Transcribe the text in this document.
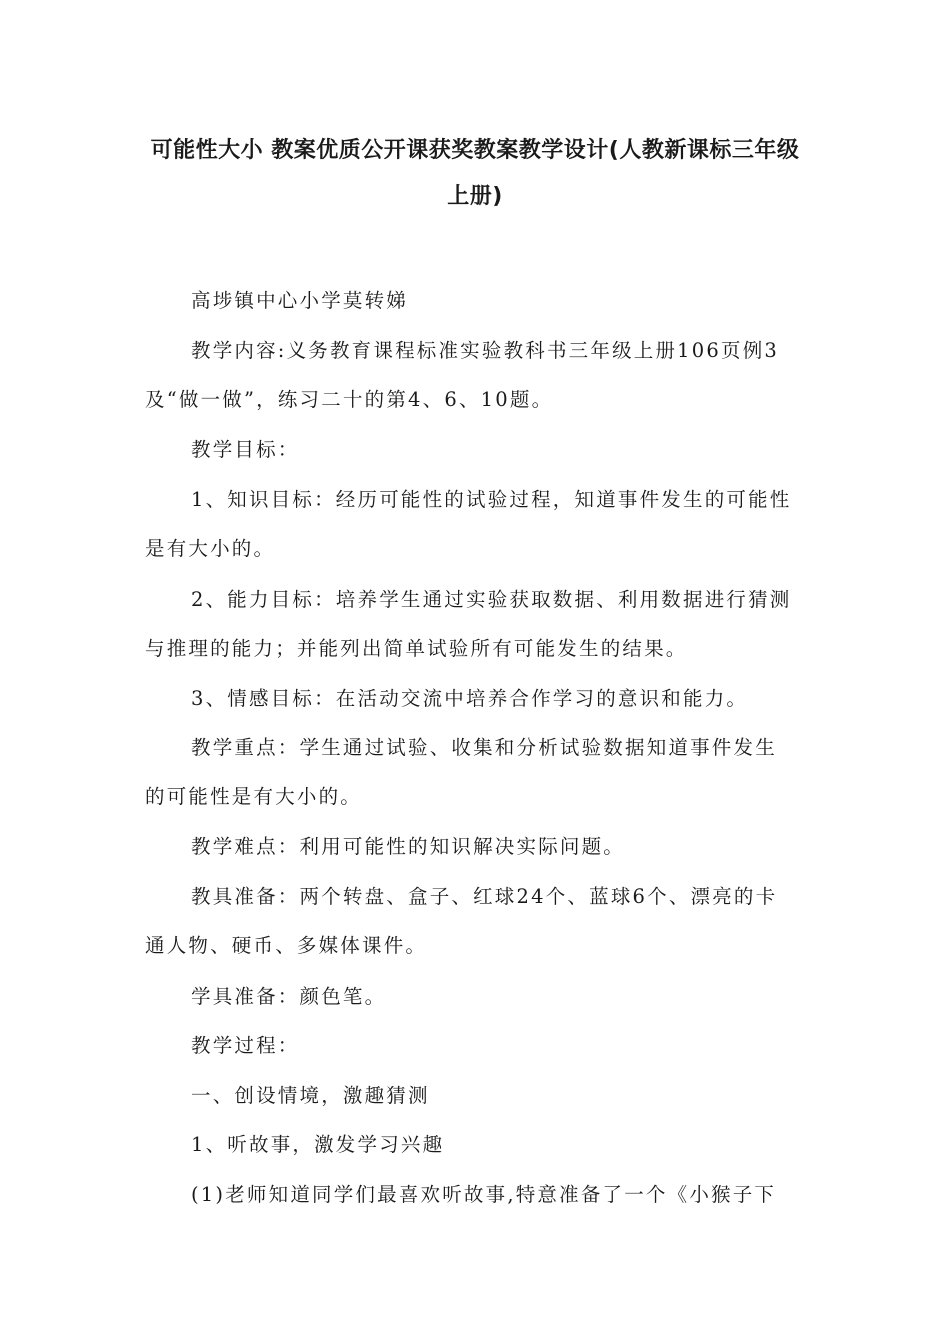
可能性大小 教案优质公开课获奖教案教学设计(人教新课标三年级
上册)
高埗镇中心小学莫转娣
教学内容:义务教育课程标准实验教科书三年级上册106页例3
及“做一做”，练习二十的第4、6、10题。
教学目标：
1、知识目标：经历可能性的试验过程，知道事件发生的可能性
是有大小的。
2、能力目标：培养学生通过实验获取数据、利用数据进行猜测
与推理的能力；并能列出简单试验所有可能发生的结果。
3、情感目标：在活动交流中培养合作学习的意识和能力。
教学重点：学生通过试验、收集和分析试验数据知道事件发生
的可能性是有大小的。
教学难点：利用可能性的知识解决实际问题。
教具准备：两个转盘、盒子、红球24个、蓝球6个、漂亮的卡
通人物、硬币、多媒体课件。
学具准备：颜色笔。
教学过程：
一、创设情境，激趣猜测
1、听故事，激发学习兴趣
(1)老师知道同学们最喜欢听故事,特意准备了一个《小猴子下
